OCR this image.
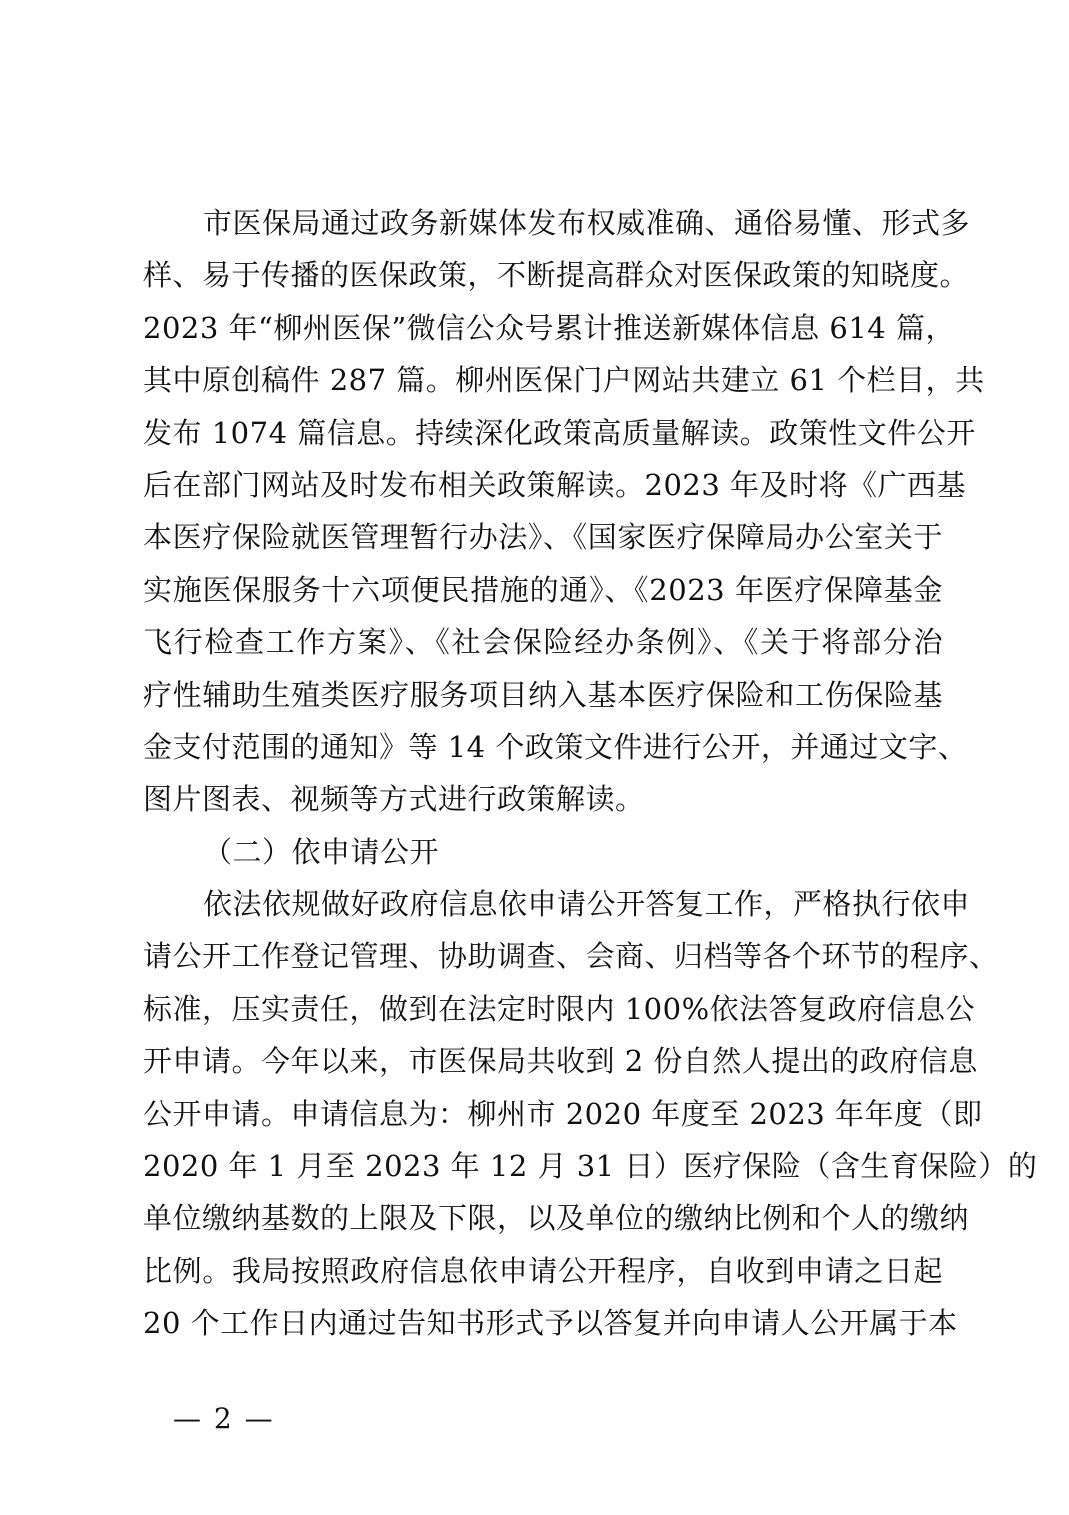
市医保局通过政务新媒体发布权威准确、通俗易懂、形式多
样、易于传播的医保政策，不断提高群众对医保政策的知晓度。
2023 年“柳州医保”微信公众号累计推送新媒体信息 614 篇，
其中原创稿件 287 篇。柳州医保门户网站共建立 61 个栏目，共
发布 1074 篇信息。持续深化政策高质量解读。政策性文件公开
后在部门网站及时发布相关政策解读。2023 年及时将《广西基
本医疗保险就医管理暂行办法》、《国家医疗保障局办公室关于
实施医保服务十六项便民措施的通》、《2023 年医疗保障基金
飞行检查工作方案》、《社会保险经办条例》、《关于将部分治
疗性辅助生殖类医疗服务项目纳入基本医疗保险和工伤保险基
金支付范围的通知》等 14 个政策文件进行公开，并通过文字、
图片图表、视频等方式进行政策解读。
（二）依申请公开
依法依规做好政府信息依申请公开答复工作，严格执行依申
请公开工作登记管理、协助调查、会商、归档等各个环节的程序、
标准，压实责任，做到在法定时限内 100%依法答复政府信息公
开申请。今年以来，市医保局共收到 2 份自然人提出的政府信息
公开申请。申请信息为：柳州市 2020 年度至 2023 年年度（即
2020 年 1 月至 2023 年 12 月 31 日）医疗保险（含生育保险）的
单位缴纳基数的上限及下限，以及单位的缴纳比例和个人的缴纳
比例。我局按照政府信息依申请公开程序，自收到申请之日起
20 个工作日内通过告知书形式予以答复并向申请人公开属于本
— 2 —
